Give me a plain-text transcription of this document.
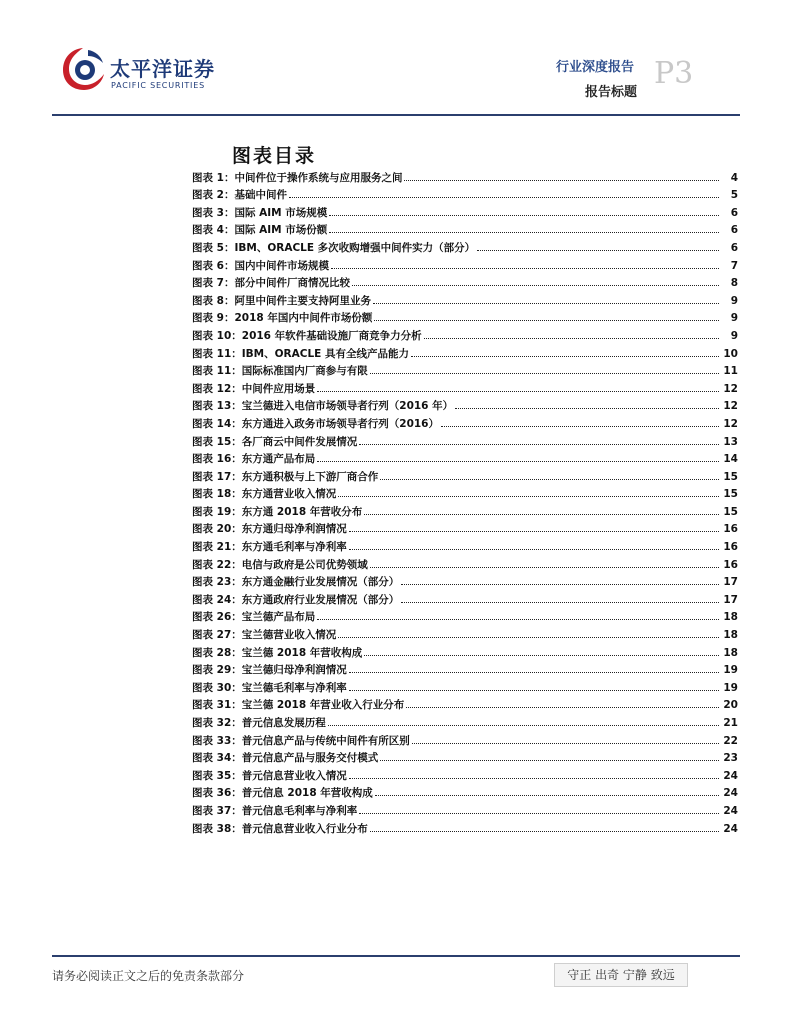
太平洋证券
PACIFIC SECURITIES
行业深度报告
报告标题
P3
图表目录
图表 1：中间件位于操作系统与应用服务之间	4
图表 2：基础中间件	5
图表 3：国际 AIM 市场规模	6
图表 4：国际 AIM 市场份额	6
图表 5：IBM、ORACLE 多次收购增强中间件实力（部分）	6
图表 6：国内中间件市场规模	7
图表 7：部分中间件厂商情况比较	8
图表 8：阿里中间件主要支持阿里业务	9
图表 9：2018 年国内中间件市场份额	9
图表 10：2016 年软件基础设施厂商竞争力分析	9
图表 11：IBM、ORACLE 具有全线产品能力	10
图表 11：国际标准国内厂商参与有限	11
图表 12：中间件应用场景	12
图表 13：宝兰德进入电信市场领导者行列（2016 年）	12
图表 14：东方通进入政务市场领导者行列（2016）	12
图表 15：各厂商云中间件发展情况	13
图表 16：东方通产品布局	14
图表 17：东方通积极与上下游厂商合作	15
图表 18：东方通营业收入情况	15
图表 19：东方通 2018 年营收分布	15
图表 20：东方通归母净利润情况	16
图表 21：东方通毛利率与净利率	16
图表 22：电信与政府是公司优势领域	16
图表 23：东方通金融行业发展情况（部分）	17
图表 24：东方通政府行业发展情况（部分）	17
图表 26：宝兰德产品布局	18
图表 27：宝兰德营业收入情况	18
图表 28：宝兰德 2018 年营收构成	18
图表 29：宝兰德归母净利润情况	19
图表 30：宝兰德毛利率与净利率	19
图表 31：宝兰德 2018 年营业收入行业分布	20
图表 32：普元信息发展历程	21
图表 33：普元信息产品与传统中间件有所区别	22
图表 34：普元信息产品与服务交付模式	23
图表 35：普元信息营业收入情况	24
图表 36：普元信息 2018 年营收构成	24
图表 37：普元信息毛利率与净利率	24
图表 38：普元信息营业收入行业分布	24
请务必阅读正文之后的免责条款部分	守正 出奇 宁静 致远
